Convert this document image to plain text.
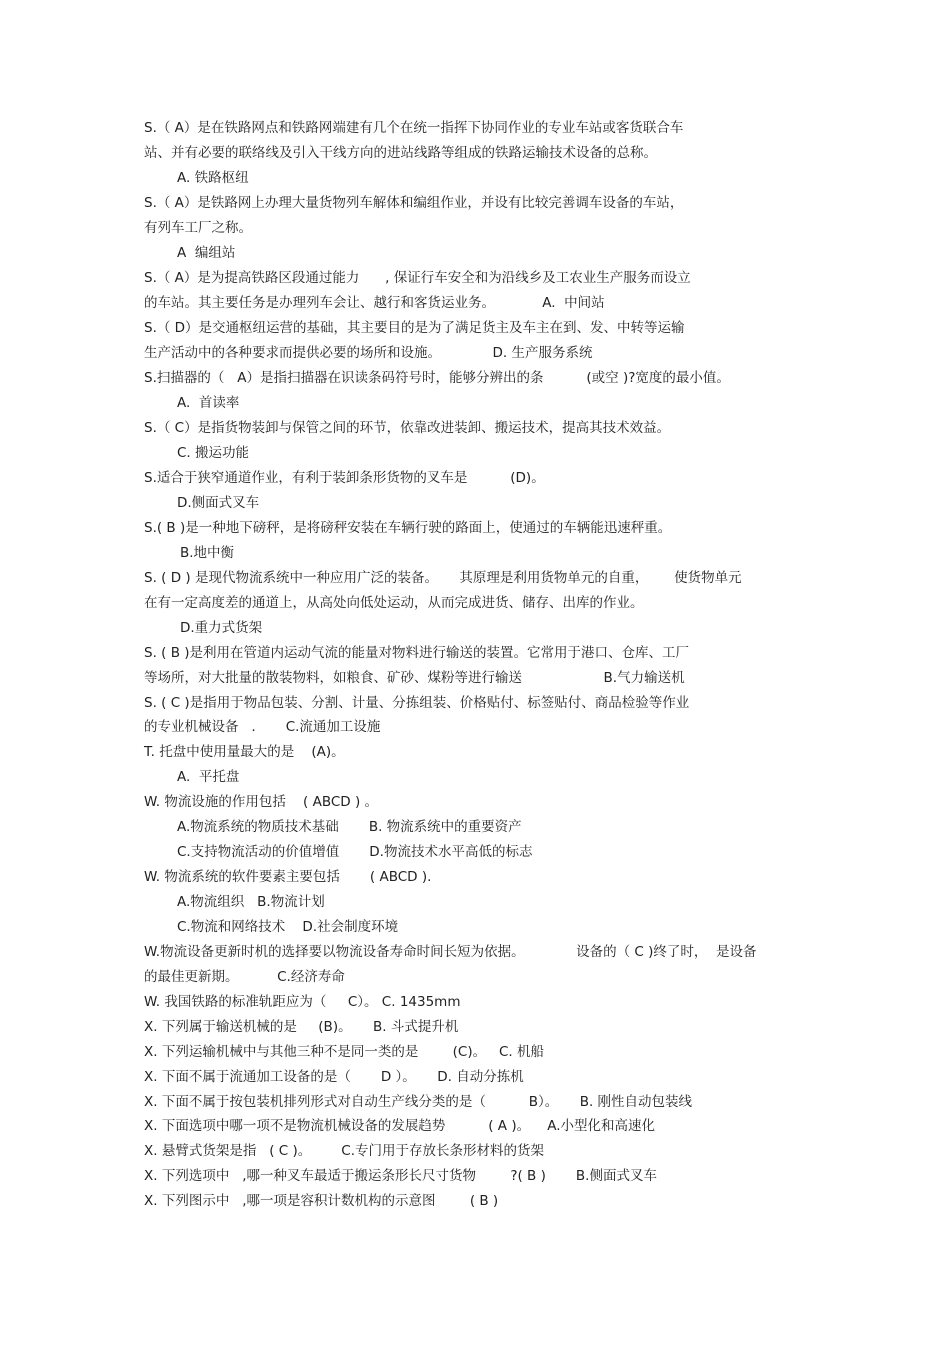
S.（ A）是在铁路网点和铁路网端建有几个在统一指挥下协同作业的专业车站或客货联合车
站、并有必要的联络线及引入干线方向的进站线路等组成的铁路运输技术设备的总称。
A. 铁路枢纽
S.（ A）是铁路网上办理大量货物列车解体和编组作业，并设有比较完善调车设备的车站，
有列车工厂之称。
A  编组站
S.（ A）是为提高铁路区段通过能力      , 保证行车安全和为沿线乡及工农业生产服务而设立
的车站。其主要任务是办理列车会让、越行和客货运业务。           A.  中间站
S.（ D）是交通枢纽运营的基础，其主要目的是为了满足货主及车主在到、发、中转等运输
生产活动中的各种要求而提供必要的场所和设施。            D. 生产服务系统
S.扫描器的（   A）是指扫描器在识读条码符号时，能够分辨出的条          (或空 )?宽度的最小值。
A.  首读率
S.（ C）是指货物装卸与保管之间的环节，依靠改进装卸、搬运技术，提高其技术效益。
C. 搬运功能
S.适合于狭窄通道作业，有利于装卸条形货物的叉车是          (D)。
D.侧面式叉车
S.( B )是一种地下磅秤，是将磅秤安装在车辆行驶的路面上，使通过的车辆能迅速秤重。
B.地中衡
S. ( D ) 是现代物流系统中一种应用广泛的装备。     其原理是利用货物单元的自重，      使货物单元
在有一定高度差的通道上，从高处向低处运动，从而完成进货、储存、出库的作业。
D.重力式货架
S. ( B )是利用在管道内运动气流的能量对物料进行输送的装置。它常用于港口、仓库、工厂
等场所，对大批量的散装物料，如粮食、矿砂、煤粉等进行输送                   B.气力输送机
S. ( C )是指用于物品包装、分割、计量、分拣组装、价格贴付、标签贴付、商品检验等作业
的专业机械设备   .       C.流通加工设施
T. 托盘中使用量最大的是    (A)。
A.  平托盘
W. 物流设施的作用包括    ( ABCD ) 。
A.物流系统的物质技术基础       B. 物流系统中的重要资产
C.支持物流活动的价值增值       D.物流技术水平高低的标志
W. 物流系统的软件要素主要包括       ( ABCD ).
A.物流组织   B.物流计划
C.物流和网络技术    D.社会制度环境
W.物流设备更新时机的选择要以物流设备寿命时间长短为依据。            设备的（ C )终了时，  是设备
的最佳更新期。         C.经济寿命
W. 我国铁路的标准轨距应为（     C）。 C. 1435mm
X. 下列属于输送机械的是     (B)。     B. 斗式提升机
X. 下列运输机械中与其他三种不是同一类的是        (C)。   C. 机船
X. 下面不属于流通加工设备的是（       D ）。     D. 自动分拣机
X. 下面不属于按包装机排列形式对自动生产线分类的是（          B）。     B. 刚性自动包装线
X. 下面选项中哪一项不是物流机械设备的发展趋势          ( A )。    A.小型化和高速化
X. 悬臂式货架是指   ( C )。       C.专门用于存放长条形材料的货架
X. 下列选项中   ,哪一种叉车最适于搬运条形长尺寸货物        ?( B )       B.侧面式叉车
X. 下列图示中   ,哪一项是容积计数机构的示意图        ( B )
